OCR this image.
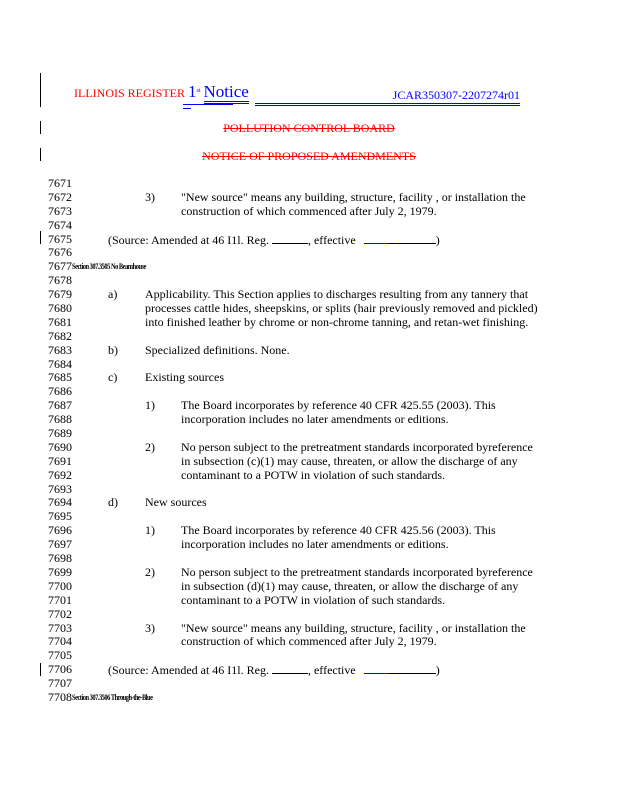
ILLINOIS REGISTER 1st Notice	JCAR350307-2207274r01
POLLUTION CONTROL BOARD
NOTICE OF PROPOSED AMENDMENTS
7671
7672	3) "New source" means any building, structure, facility , or installation the
7673	construction of which commenced after July 2, 1979.
7674
7675	(Source: Amended at 46 I1l. Reg.	, effective	)
7676
7677 Section 307.3505 No Beamhouse
7678
7679	a) Applicability. This Section applies to discharges resulting from any tannery that
7680	processes cattle hides, sheepskins, or splits (hair previously removed and pickled)
7681	into finished leather by chrome or non-chrome tanning, and retan-wet finishing.
7682
7683	b) Specialized definitions. None.
7684
7685	c) Existing sources
7686
7687	1) The Board incorporates by reference 40 CFR 425.55 (2003). This
7688	incorporation includes no later amendments or editions.
7689
7690	2) No person subject to the pretreatment standards incorporated byreference
7691	in subsection (c)(1) may cause, threaten, or allow the discharge of any
7692	contaminant to a POTW in violation of such standards.
7693
7694	d) New sources
7695
7696	1) The Board incorporates by reference 40 CFR 425.56 (2003). This
7697	incorporation includes no later amendments or editions.
7698
7699	2) No person subject to the pretreatment standards incorporated byreference
7700	in subsection (d)(1) may cause, threaten, or allow the discharge of any
7701	contaminant to a POTW in violation of such standards.
7702
7703	3) "New source" means any building, structure, facility , or installation the
7704	construction of which commenced after July 2, 1979.
7705
7706	(Source: Amended at 46 I1l. Reg.	, effective	)
7707
7708 Section 307.3506 Through-the-Blue
